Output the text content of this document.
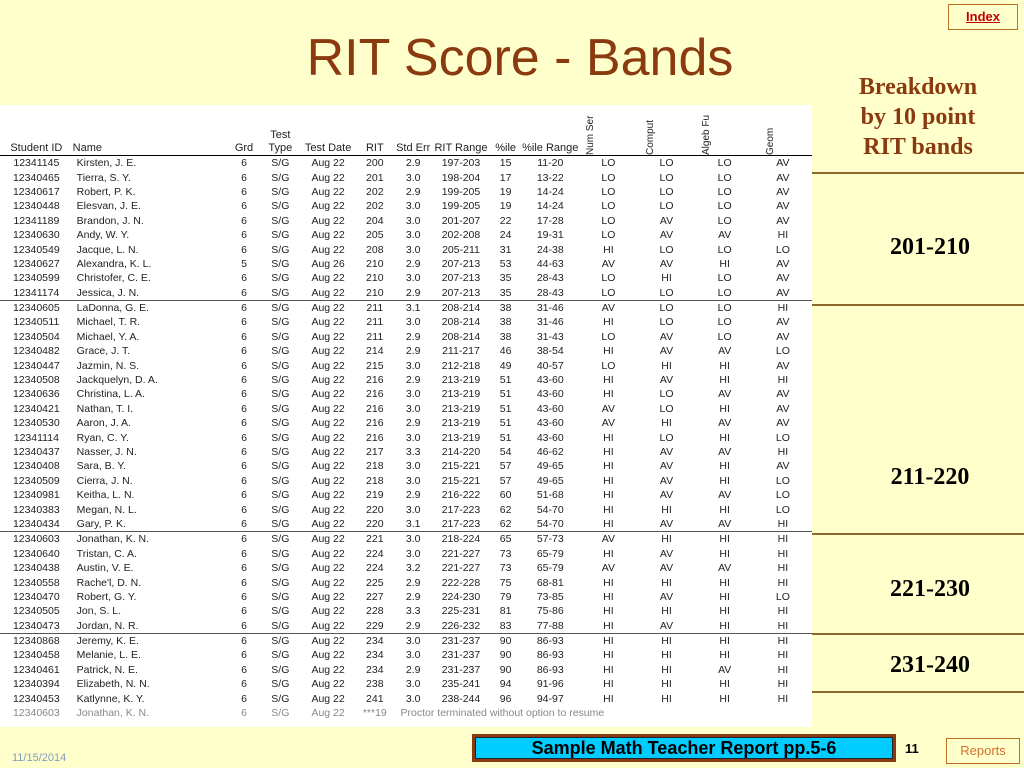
RIT Score - Bands
Index
Breakdown
by 10 point
RIT bands
201-210
211-220
221-230
231-240
Student ID	Name	Grd	Test Type	Test Date	RIT	Std Err	RIT Range	%ile	%ile Range	Num Ser	Comput	Algeb Fu	Geom
12341145	Kirsten, J. E.	6	S/G	Aug 22	200	2.9	197-203	15	11-20	LO	LO	LO	AV
12340465	Tierra, S. Y.	6	S/G	Aug 22	201	3.0	198-204	17	13-22	LO	LO	LO	AV
12340617	Robert, P. K.	6	S/G	Aug 22	202	2.9	199-205	19	14-24	LO	LO	LO	AV
12340448	Elesvan, J. E.	6	S/G	Aug 22	202	3.0	199-205	19	14-24	LO	LO	LO	AV
12341189	Brandon, J. N.	6	S/G	Aug 22	204	3.0	201-207	22	17-28	LO	AV	LO	AV
12340630	Andy, W. Y.	6	S/G	Aug 22	205	3.0	202-208	24	19-31	LO	AV	AV	HI
12340549	Jacque, L. N.	6	S/G	Aug 22	208	3.0	205-211	31	24-38	HI	LO	LO	LO
12340627	Alexandra, K. L.	5	S/G	Aug 26	210	2.9	207-213	53	44-63	AV	AV	HI	AV
12340599	Christofer, C. E.	6	S/G	Aug 22	210	3.0	207-213	35	28-43	LO	HI	LO	AV
12341174	Jessica, J. N.	6	S/G	Aug 22	210	2.9	207-213	35	28-43	LO	LO	LO	AV
12340605	LaDonna, G. E.	6	S/G	Aug 22	211	3.1	208-214	38	31-46	AV	LO	LO	HI
12340511	Michael, T. R.	6	S/G	Aug 22	211	3.0	208-214	38	31-46	HI	LO	LO	AV
12340504	Michael, Y. A.	6	S/G	Aug 22	211	2.9	208-214	38	31-43	LO	AV	LO	AV
12340482	Grace, J. T.	6	S/G	Aug 22	214	2.9	211-217	46	38-54	HI	AV	AV	LO
12340447	Jazmin, N. S.	6	S/G	Aug 22	215	3.0	212-218	49	40-57	LO	HI	HI	AV
12340508	Jackquelyn, D. A.	6	S/G	Aug 22	216	2.9	213-219	51	43-60	HI	AV	HI	HI
12340636	Christina, L. A.	6	S/G	Aug 22	216	3.0	213-219	51	43-60	HI	LO	AV	AV
12340421	Nathan, T. I.	6	S/G	Aug 22	216	3.0	213-219	51	43-60	AV	LO	HI	AV
12340530	Aaron, J. A.	6	S/G	Aug 22	216	2.9	213-219	51	43-60	AV	HI	AV	AV
12341114	Ryan, C. Y.	6	S/G	Aug 22	216	3.0	213-219	51	43-60	HI	LO	HI	LO
12340437	Nasser, J. N.	6	S/G	Aug 22	217	3.3	214-220	54	46-62	HI	AV	AV	HI
12340408	Sara, B. Y.	6	S/G	Aug 22	218	3.0	215-221	57	49-65	HI	AV	HI	AV
12340509	Cierra, J. N.	6	S/G	Aug 22	218	3.0	215-221	57	49-65	HI	AV	HI	LO
12340981	Keitha, L. N.	6	S/G	Aug 22	219	2.9	216-222	60	51-68	HI	AV	AV	LO
12340383	Megan, N. L.	6	S/G	Aug 22	220	3.0	217-223	62	54-70	HI	HI	HI	LO
12340434	Gary, P. K.	6	S/G	Aug 22	220	3.1	217-223	62	54-70	HI	AV	AV	HI
12340603	Jonathan, K. N.	6	S/G	Aug 22	221	3.0	218-224	65	57-73	AV	HI	HI	HI
12340640	Tristan, C. A.	6	S/G	Aug 22	224	3.0	221-227	73	65-79	HI	AV	HI	HI
12340438	Austin, V. E.	6	S/G	Aug 22	224	3.2	221-227	73	65-79	AV	AV	AV	HI
12340558	Rache'l, D. N.	6	S/G	Aug 22	225	2.9	222-228	75	68-81	HI	HI	HI	HI
12340470	Robert, G. Y.	6	S/G	Aug 22	227	2.9	224-230	79	73-85	HI	AV	HI	LO
12340505	Jon, S. L.	6	S/G	Aug 22	228	3.3	225-231	81	75-86	HI	HI	HI	HI
12340473	Jordan, N. R.	6	S/G	Aug 22	229	2.9	226-232	83	77-88	HI	AV	HI	HI
12340868	Jeremy, K. E.	6	S/G	Aug 22	234	3.0	231-237	90	86-93	HI	HI	HI	HI
12340458	Melanie, L. E.	6	S/G	Aug 22	234	3.0	231-237	90	86-93	HI	HI	HI	HI
12340461	Patrick, N. E.	6	S/G	Aug 22	234	2.9	231-237	90	86-93	HI	HI	AV	HI
12340394	Elizabeth, N. N.	6	S/G	Aug 22	238	3.0	235-241	94	91-96	HI	HI	HI	HI
12340453	Katlynne, K. Y.	6	S/G	Aug 22	241	3.0	238-244	96	94-97	HI	HI	HI	HI
12340603	Jonathan, K. N.	6	S/G	Aug 22	***19	Proctor terminated without option to resume							
11/15/2014	Sample Math Teacher Report pp.5-6	11	Reports
